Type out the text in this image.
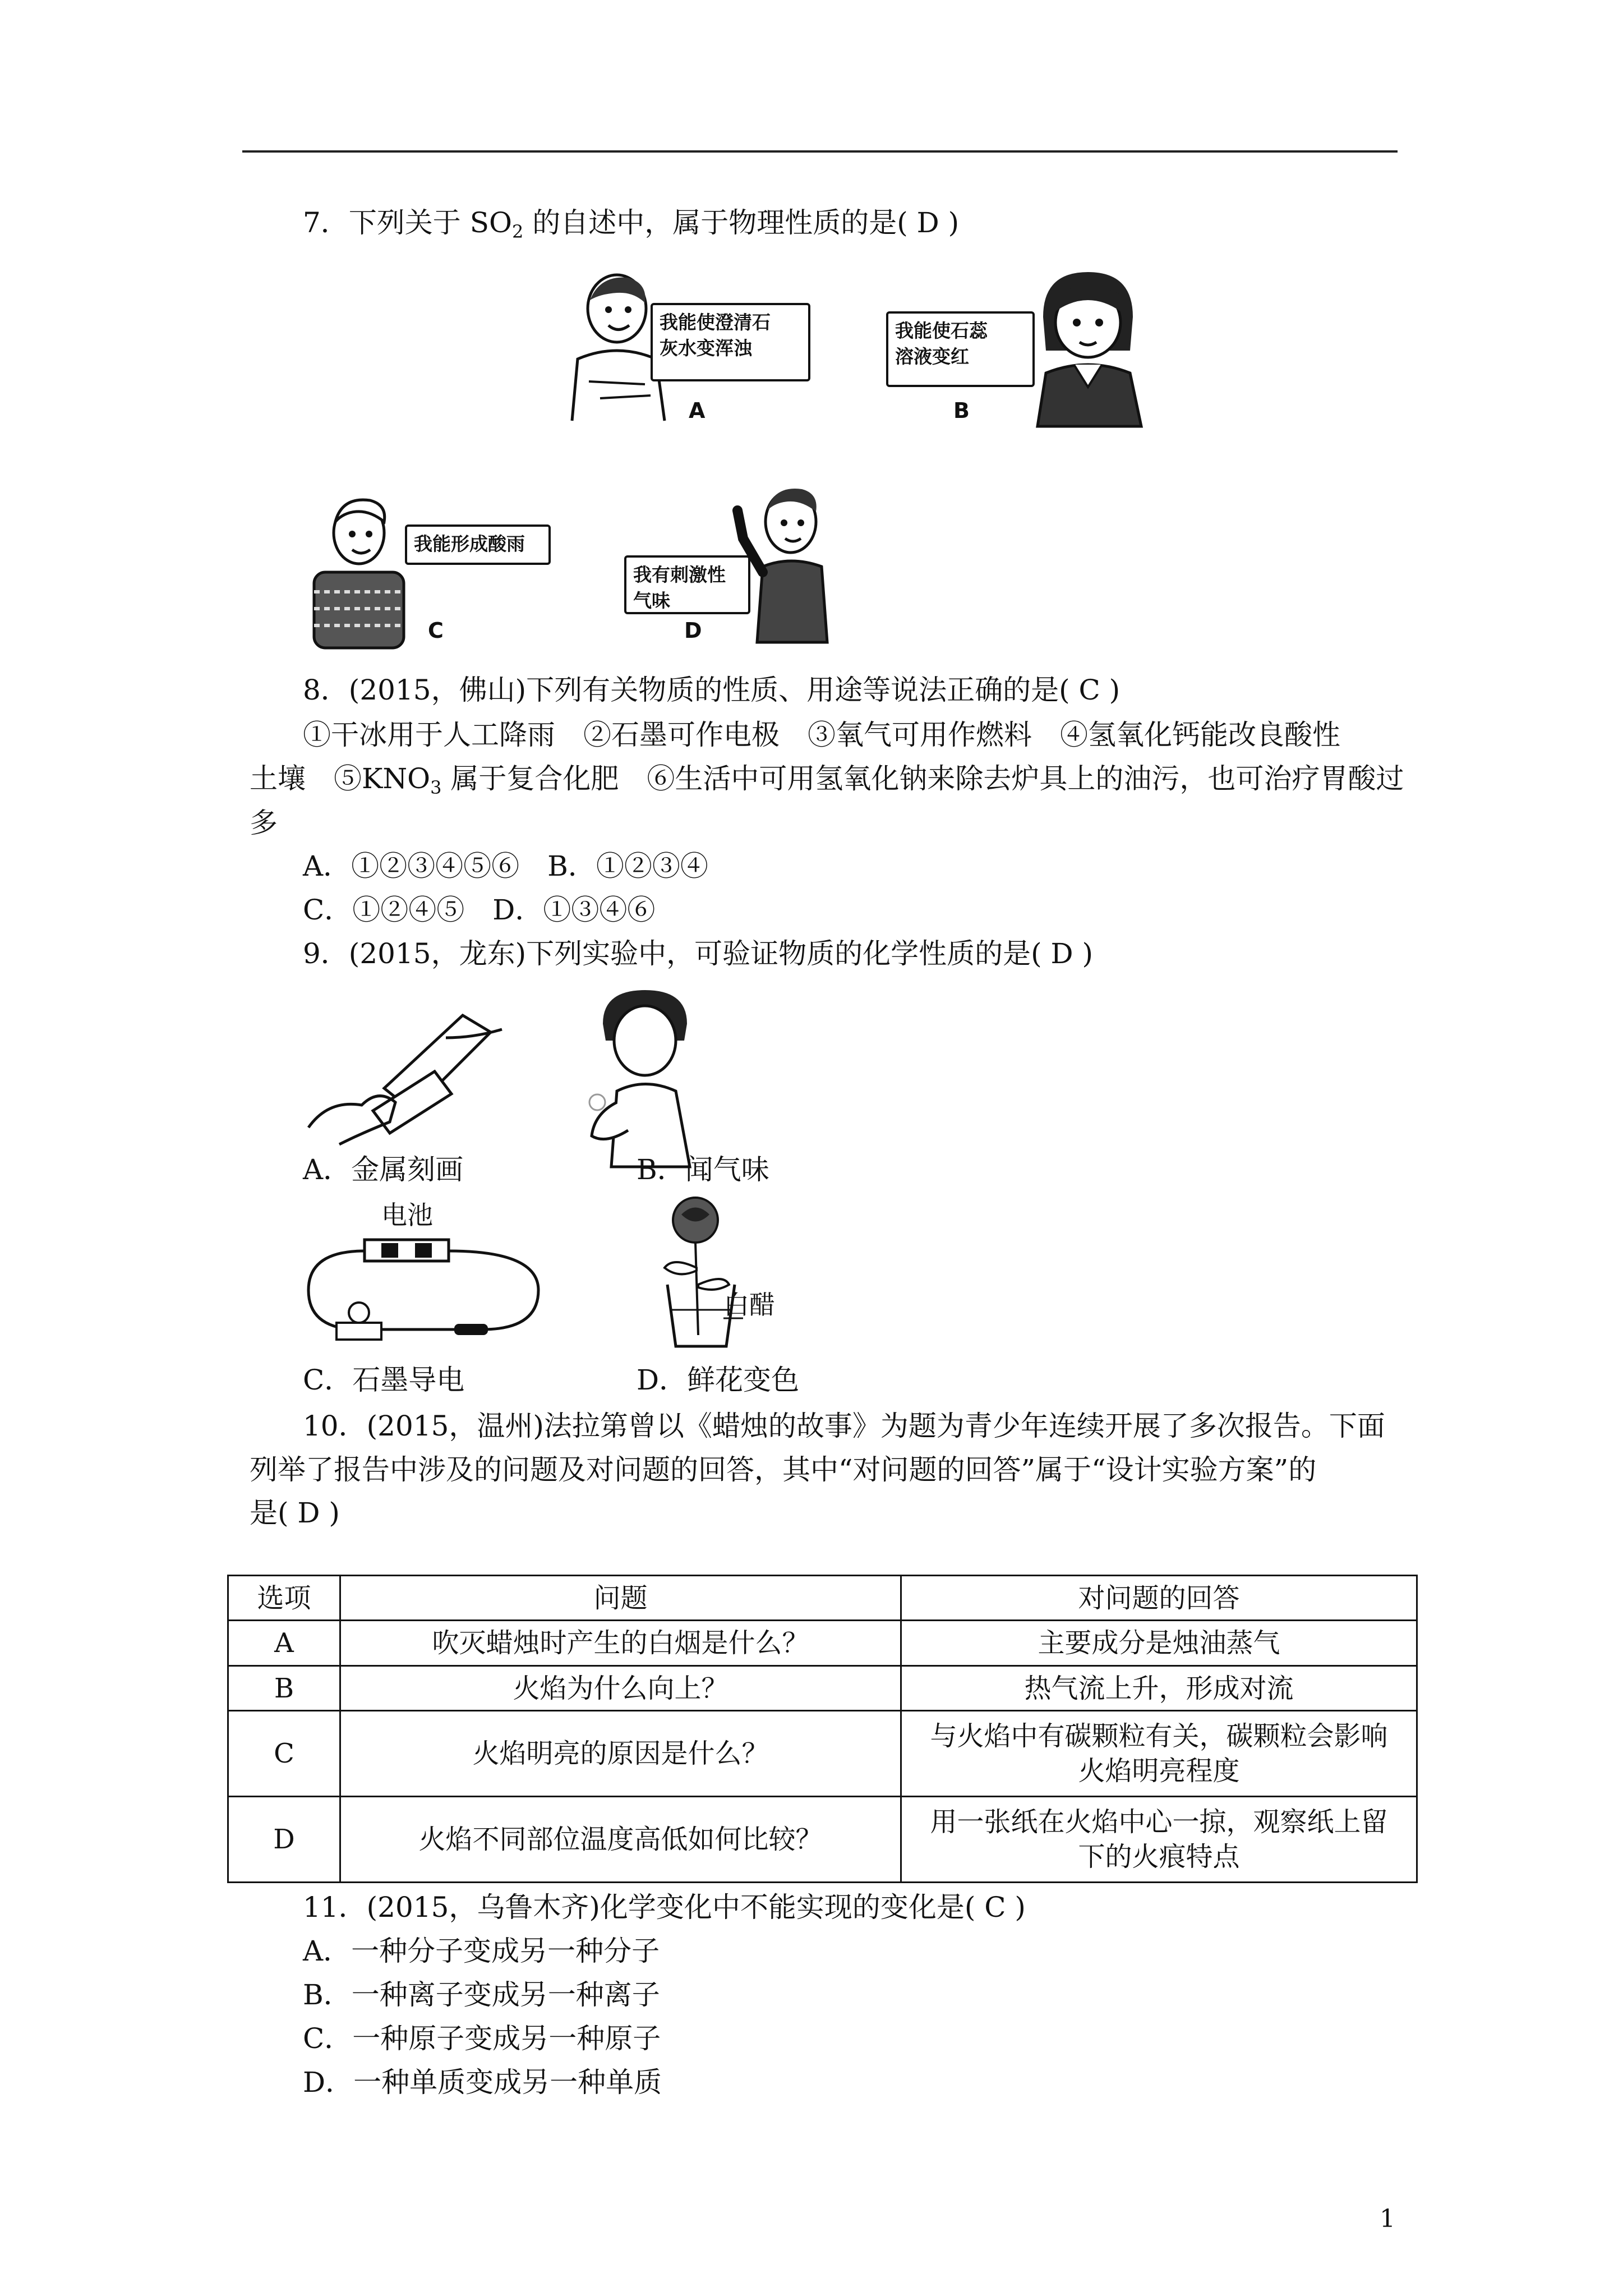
7．下列关于 $SO_2$ 的自述中，属于物理性质的是( D )
我能使澄清石
灰水变浑浊
A
我能使石蕊
溶液变红
B
我能形成酸雨
C
我有刺激性
气味
D
8．(2015，佛山)下列有关物质的性质、用途等说法正确的是( C )
①干冰用于人工降雨　②石墨可作电极　③氧气可用作燃料　④氢氧化钙能改良酸性
土壤　$⑤KNO_3$ 属于复合化肥　⑥生活中可用氢氧化钠来除去炉具上的油污，也可治疗胃酸过
多
A．①②③④⑤⑥　B．①②③④
C．①②④⑤　D．①③④⑥
9．(2015，龙东)下列实验中，可验证物质的化学性质的是( D )
A．金属刻画	B．闻气味
电池
C．石墨导电
白醋
D．鲜花变色
10．(2015，温州)法拉第曾以《蜡烛的故事》为题为青少年连续开展了多次报告。下面
列举了报告中涉及的问题及对问题的回答，其中“对问题的回答”属于“设计实验方案”的
是( D )
选项	问题	对问题的回答
A	吹灭蜡烛时产生的白烟是什么？	主要成分是烛油蒸气

B	火焰为什么向上？	热气流上升，形成对流

C	火焰明亮的原因是什么？	与火焰中有碳颗粒有关，碳颗粒会影响
火焰明亮程度

D	火焰不同部位温度高低如何比较？	用一张纸在火焰中心一掠，观察纸上留
下的火痕特点
11．(2015，乌鲁木齐)化学变化中不能实现的变化是( C )
A．一种分子变成另一种分子
B．一种离子变成另一种离子
C．一种原子变成另一种原子
D．一种单质变成另一种单质
1
